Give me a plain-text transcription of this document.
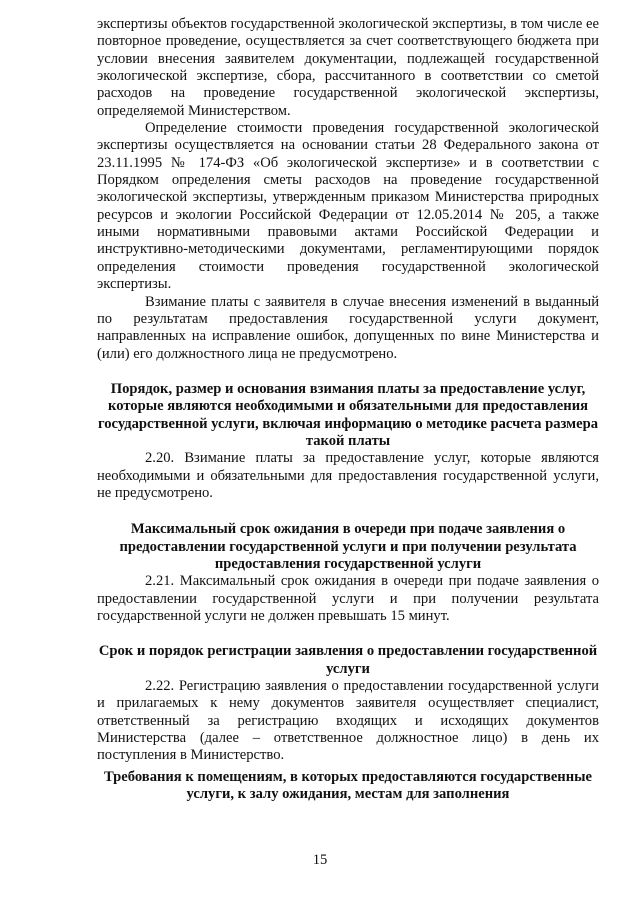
экспертизы объектов государственной экологической экспертизы, в том числе ее повторное проведение, осуществляется за счет соответствующего бюджета при условии внесения заявителем документации, подлежащей государственной экологической экспертизе, сбора, рассчитанного в соответствии со сметой расходов на проведение государственной экологической экспертизы, определяемой Министерством.

Определение стоимости проведения государственной экологической экспертизы осуществляется на основании статьи 28 Федерального закона от 23.11.1995 № 174-ФЗ «Об экологической экспертизе» и в соответствии с Порядком определения сметы расходов на проведение государственной экологической экспертизы, утвержденным приказом Министерства природных ресурсов и экологии Российской Федерации от 12.05.2014 № 205, а также иными нормативными правовыми актами Российской Федерации и инструктивно-методическими документами, регламентирующими порядок определения стоимости проведения государственной экологической экспертизы.

Взимание платы с заявителя в случае внесения изменений в выданный по результатам предоставления государственной услуги документ, направленных на исправление ошибок, допущенных по вине Министерства и (или) его должностного лица не предусмотрено.

Порядок, размер и основания взимания платы за предоставление услуг, которые являются необходимыми и обязательными для предоставления государственной услуги, включая информацию о методике расчета размера такой платы

2.20. Взимание платы за предоставление услуг, которые являются необходимыми и обязательными для предоставления государственной услуги, не предусмотрено.

Максимальный срок ожидания в очереди при подаче заявления о предоставлении государственной услуги и при получении результата предоставления государственной услуги

2.21. Максимальный срок ожидания в очереди при подаче заявления о предоставлении государственной услуги и при получении результата государственной услуги не должен превышать 15 минут.

Срок и порядок регистрации заявления о предоставлении государственной услуги

2.22. Регистрацию заявления о предоставлении государственной услуги и прилагаемых к нему документов заявителя осуществляет специалист, ответственный за регистрацию входящих и исходящих документов Министерства (далее – ответственное должностное лицо) в день их поступления в Министерство.

Требования к помещениям, в которых предоставляются государственные услуги, к залу ожидания, местам для заполнения

15
